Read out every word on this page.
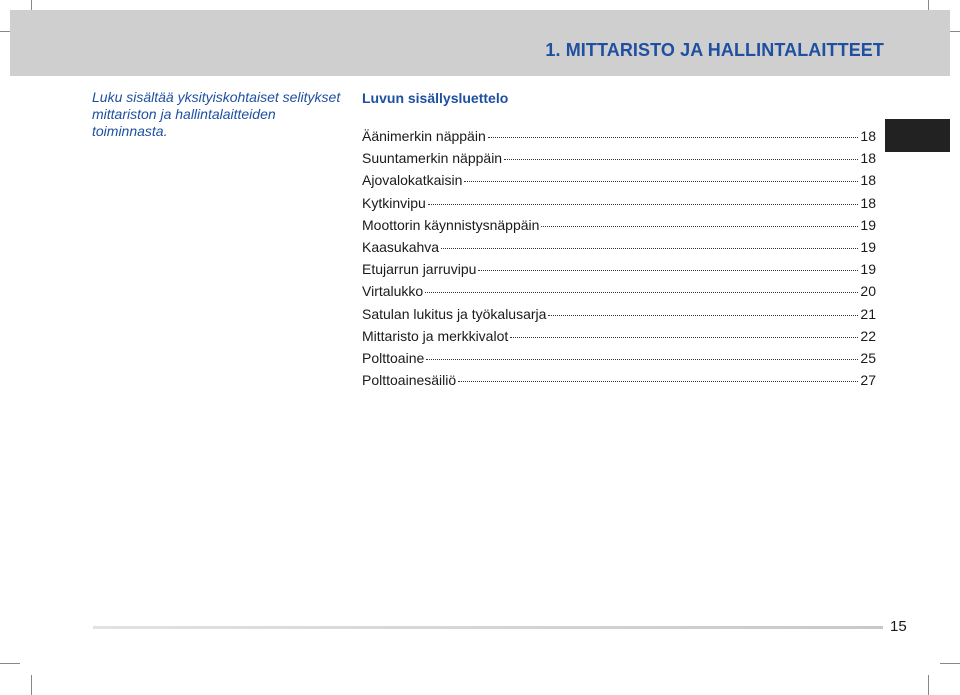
1. MITTARISTO JA HALLINTALAITTEET

Luku sisältää yksityiskohtaiset selitykset mittariston ja hallintalaitteiden toiminnasta.

Luvun sisällysluettelo
Äänimerkin näppäin	18
Suuntamerkin näppäin	18
Ajovalokatkaisin	18
Kytkinvipu	18
Moottorin käynnistysnäppäin	19
Kaasukahva	19
Etujarrun jarruvipu	19
Virtalukko	20
Satulan lukitus ja työkalusarja	21
Mittaristo ja merkkivalot	22
Polttoaine	25
Polttoainesäiliö	27
15
